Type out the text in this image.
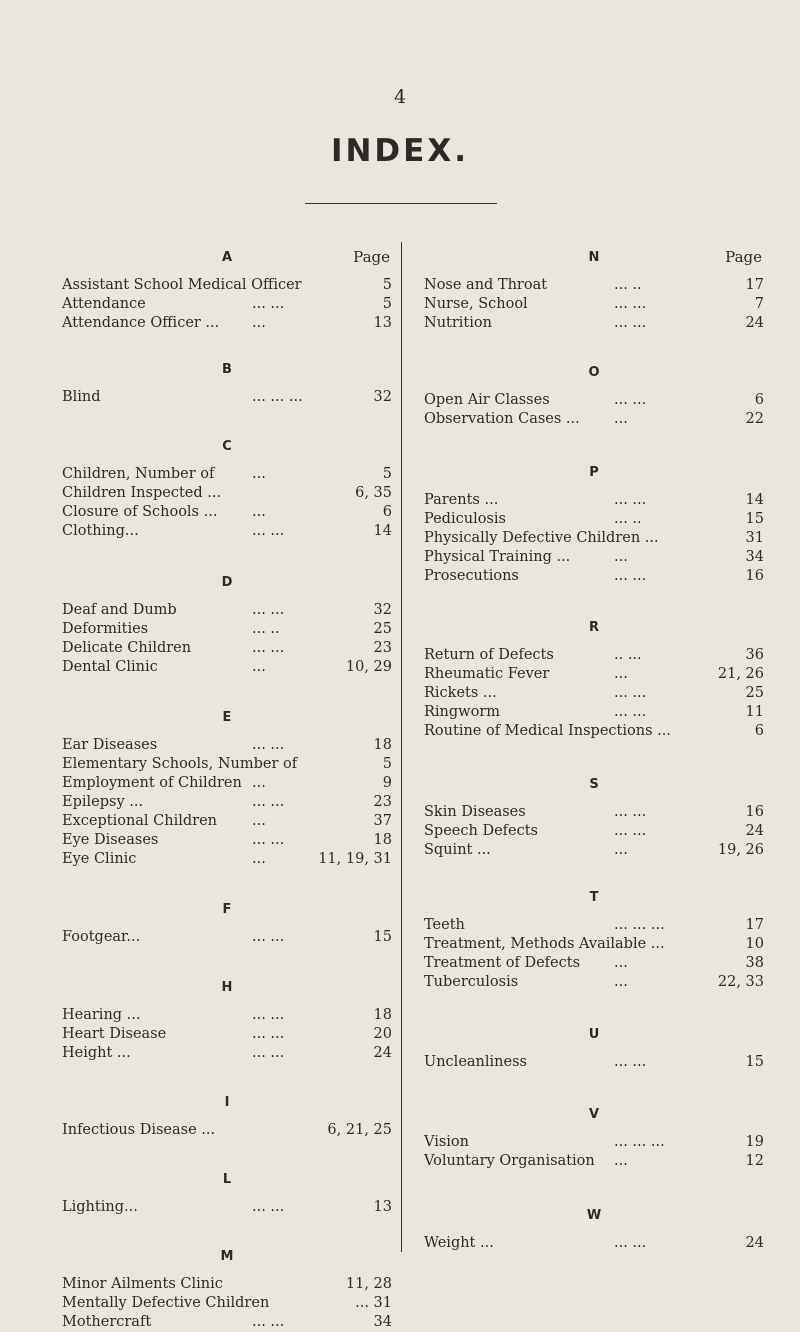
4
INDEX.
A	Page
Assistant School Medical Officer	5
Attendance	... ...	5
Attendance Officer ... ...	13
B
Blind	... ... ...	32
C
Children, Number of	...	5
Children Inspected ...	6, 35
Closure of Schools ... ...	6
Clothing...	... ...	14
D
Deaf and Dumb	... ...	32
Deformities	... ..	25
Delicate Children	... ...	23
Dental Clinic	...	10, 29
E
Ear Diseases	... ...	18
Elementary Schools, Number of	5
Employment of Children ...	9
Epilepsy ...	... ...	23
Exceptional Children ...	37
Eye Diseases	... ...	18
Eye Clinic	...	11, 19, 31
F
Footgear...	... ...	15
H
Hearing ...	... ...	18
Heart Disease	... ...	20
Height ...	... ...	24
I
Infectious Disease ...	6, 21, 25
L
Lighting...	... ...	13
M
Minor Ailments Clinic	11, 28
Mentally Defective Children	... 31
Mothercraft	... ...	34
N	Page
Nose and Throat	... ..	17
Nurse, School	... ...	7
Nutrition	... ...	24
O
Open Air Classes	... ...	6
Observation Cases ... ...	22
P
Parents ...	... ...	14
Pediculosis	... ..	15
Physically Defective Children ...	31
Physical Training ...	...	34
Prosecutions	... ...	16
R
Return of Defects	.. ...	36
Rheumatic Fever	...	21, 26
Rickets ...	... ...	25
Ringworm	... ...	11
Routine of Medical Inspections ...	6
S
Skin Diseases	... ...	16
Speech Defects	... ...	24
Squint ...	...	19, 26
T
Teeth	... ... ...	17
Treatment, Methods Available ...	10
Treatment of Defects ...	38
Tuberculosis	...	22, 33
U
Uncleanliness	... ...	15
V
Vision	... ... ...	19
Voluntary Organisation ...	12
W
Weight ...	... ...	24
